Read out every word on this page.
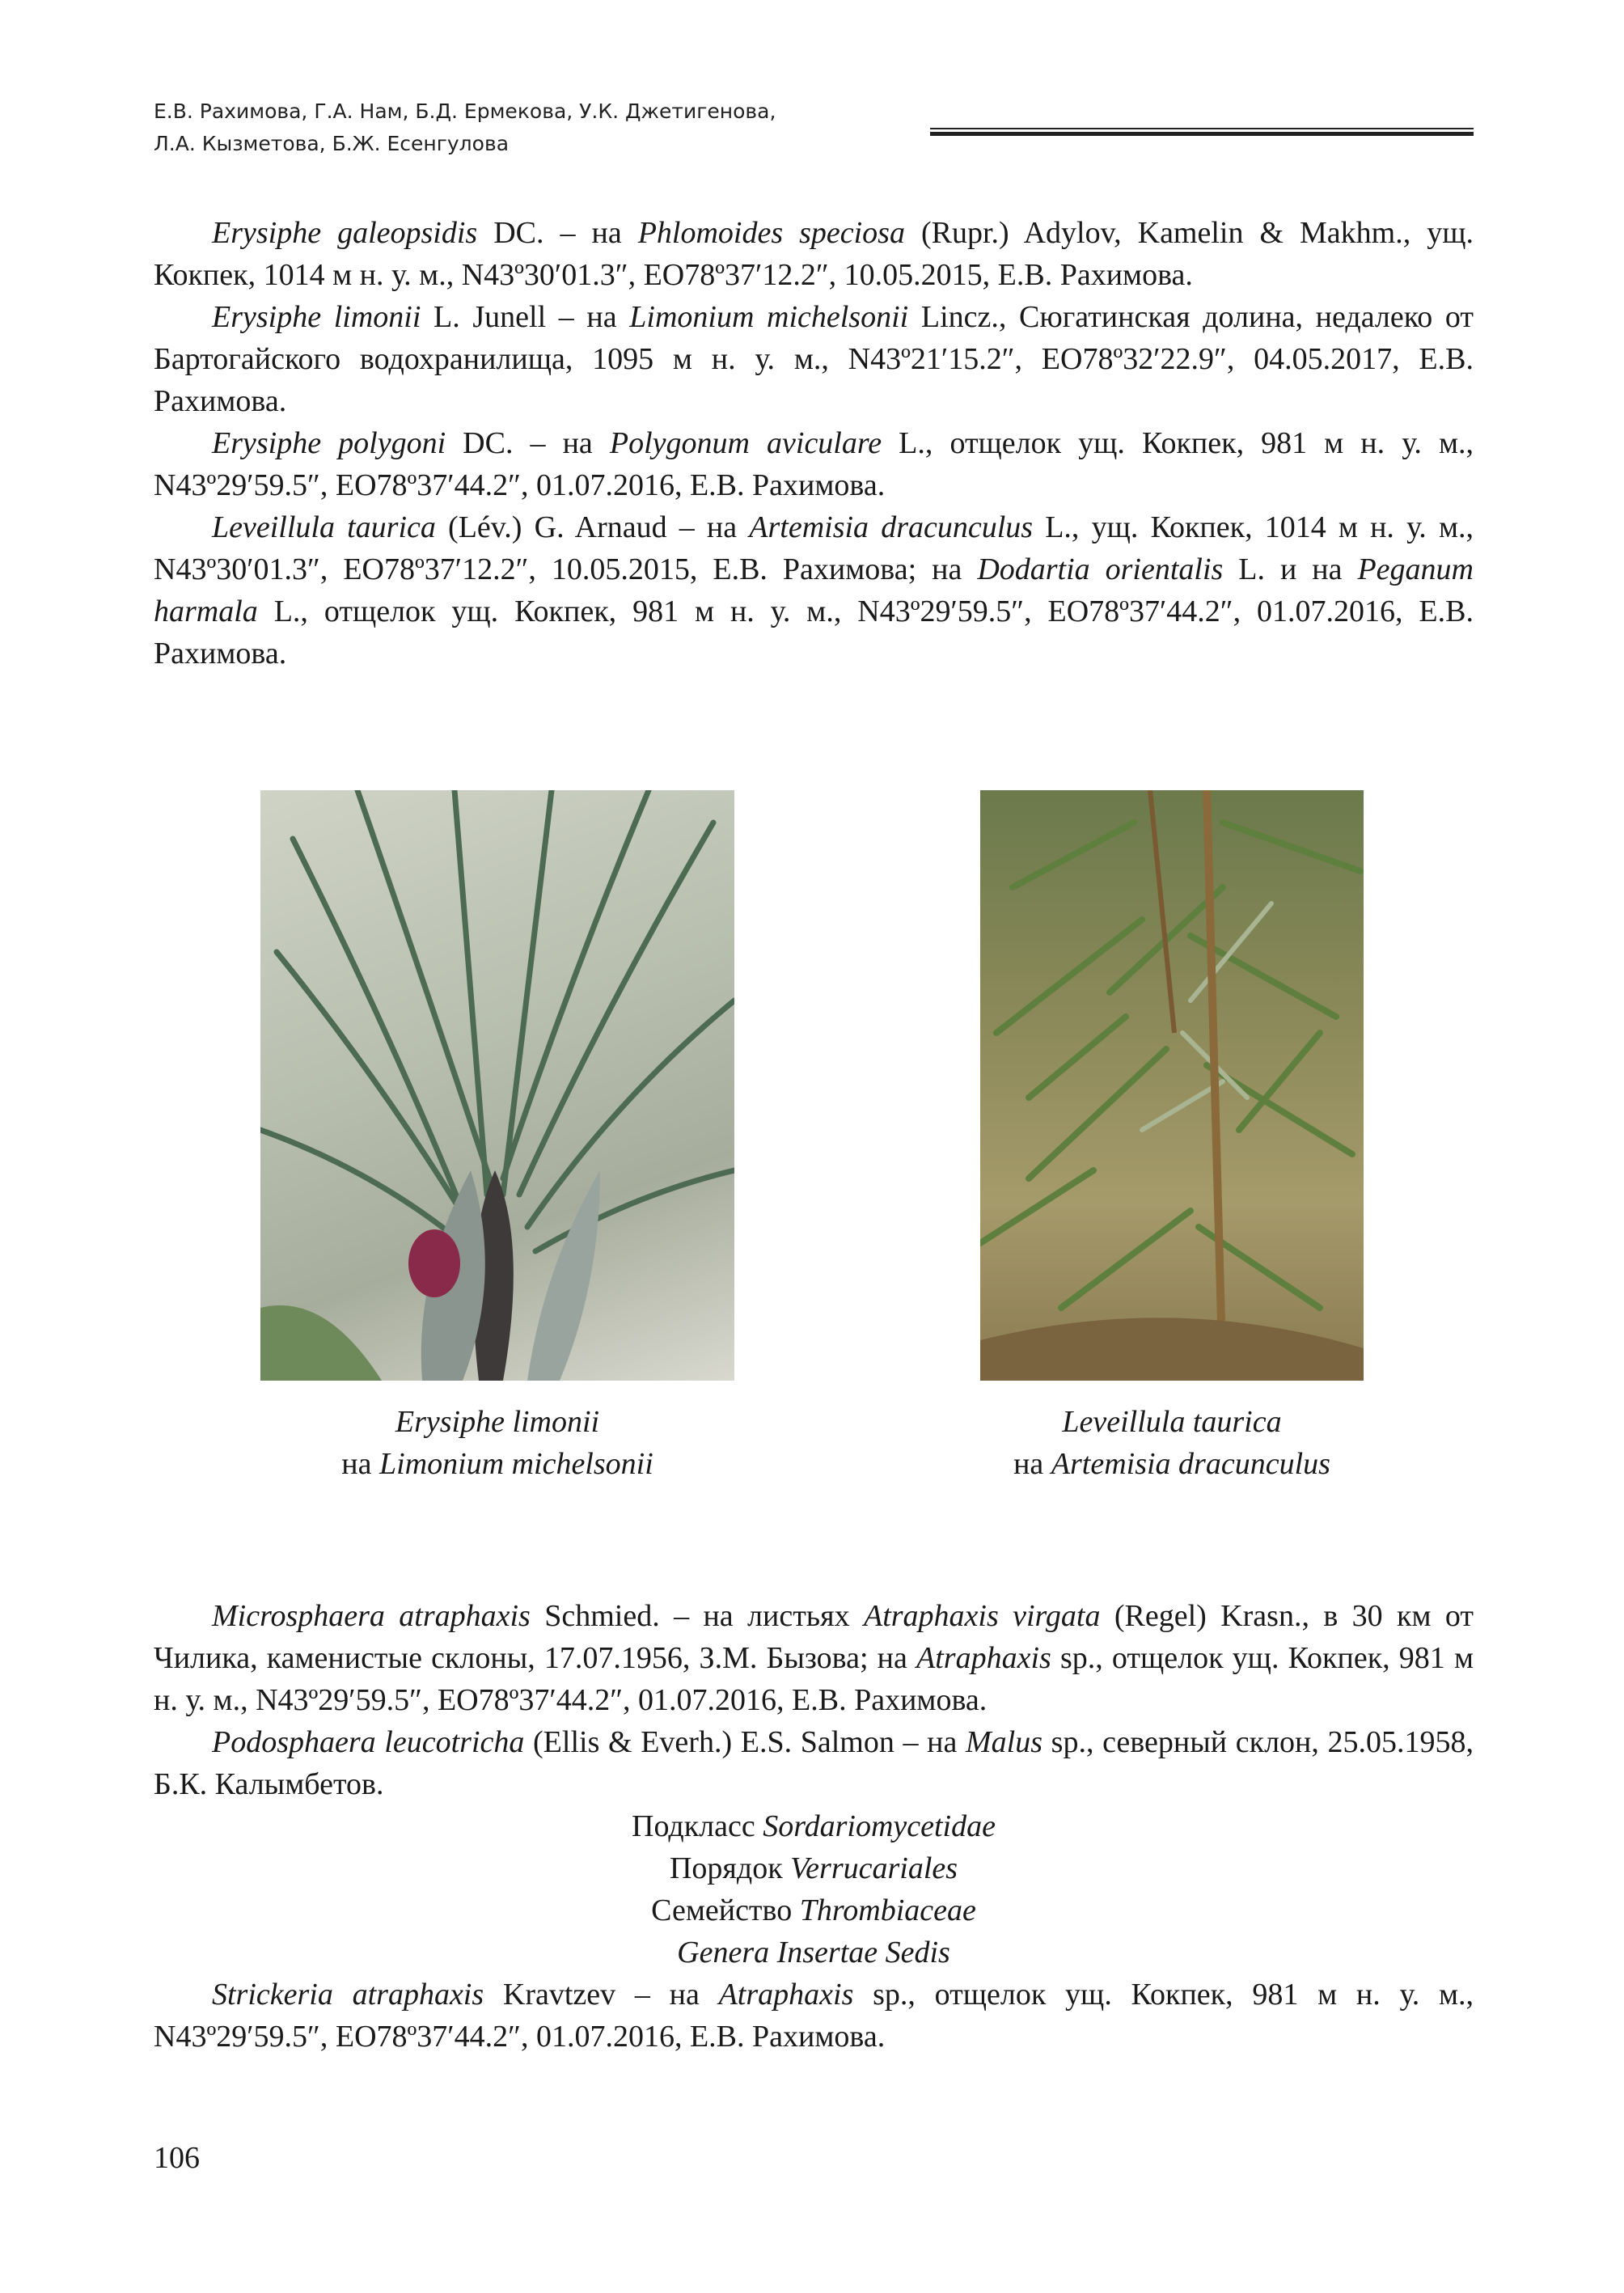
Е.В. Рахимова, Г.А. Нам, Б.Д. Ермекова, У.К. Джетигенова,
Л.А. Кызметова, Б.Ж. Есенгулова

Erysiphe galeopsidis DC. – на Phlomoides speciosa (Rupr.) Adylov, Kamelin & Makhm., ущ. Кокпек, 1014 м н. у. м., N43º30′01.3″, EO78º37′12.2″, 10.05.2015, Е.В. Рахимова.

Erysiphe limonii L. Junell – на Limonium michelsonii Lincz., Сюгатинская долина, недалеко от Бартогайского водохранилища, 1095 м н. у. м., N43º21′15.2″, EO78º32′22.9″, 04.05.2017, Е.В. Рахимова.

Erysiphe polygoni DC. – на Polygonum aviculare L., отщелок ущ. Кокпек, 981 м н. у. м., N43º29′59.5″, EO78º37′44.2″, 01.07.2016, Е.В. Рахимова.

Leveillula taurica (Lév.) G. Arnaud – на Artemisia dracunculus L., ущ. Кокпек, 1014 м н. у. м., N43º30′01.3″, EO78º37′12.2″, 10.05.2015, Е.В. Рахимова; на Dodartia orientalis L. и на Peganum harmala L., отщелок ущ. Кокпек, 981 м н. у. м., N43º29′59.5″, EO78º37′44.2″, 01.07.2016, Е.В. Рахимова.

Erysiphe limonii
на Limonium michelsonii
Leveillula taurica
на Artemisia dracunculus

Microsphaera atraphaxis Schmied. – на листьях Atraphaxis virgata (Regel) Krasn., в 30 км от Чилика, каменистые склоны, 17.07.1956, З.М. Бызова; на Atraphaxis sp., отщелок ущ. Кокпек, 981 м н. у. м., N43º29′59.5″, EO78º37′44.2″, 01.07.2016, Е.В. Рахимова.

Podosphaera leucotricha (Ellis & Everh.) E.S. Salmon – на Malus sp., северный склон, 25.05.1958, Б.К. Калымбетов.

Подкласс Sordariomycetidae

Порядок Verrucariales

Семейство Thrombiaceae

Genera Insertae Sedis

Strickeria atraphaxis Kravtzev – на Atraphaxis sp., отщелок ущ. Кокпек, 981 м н. у. м., N43º29′59.5″, EO78º37′44.2″, 01.07.2016, Е.В. Рахимова.

106
